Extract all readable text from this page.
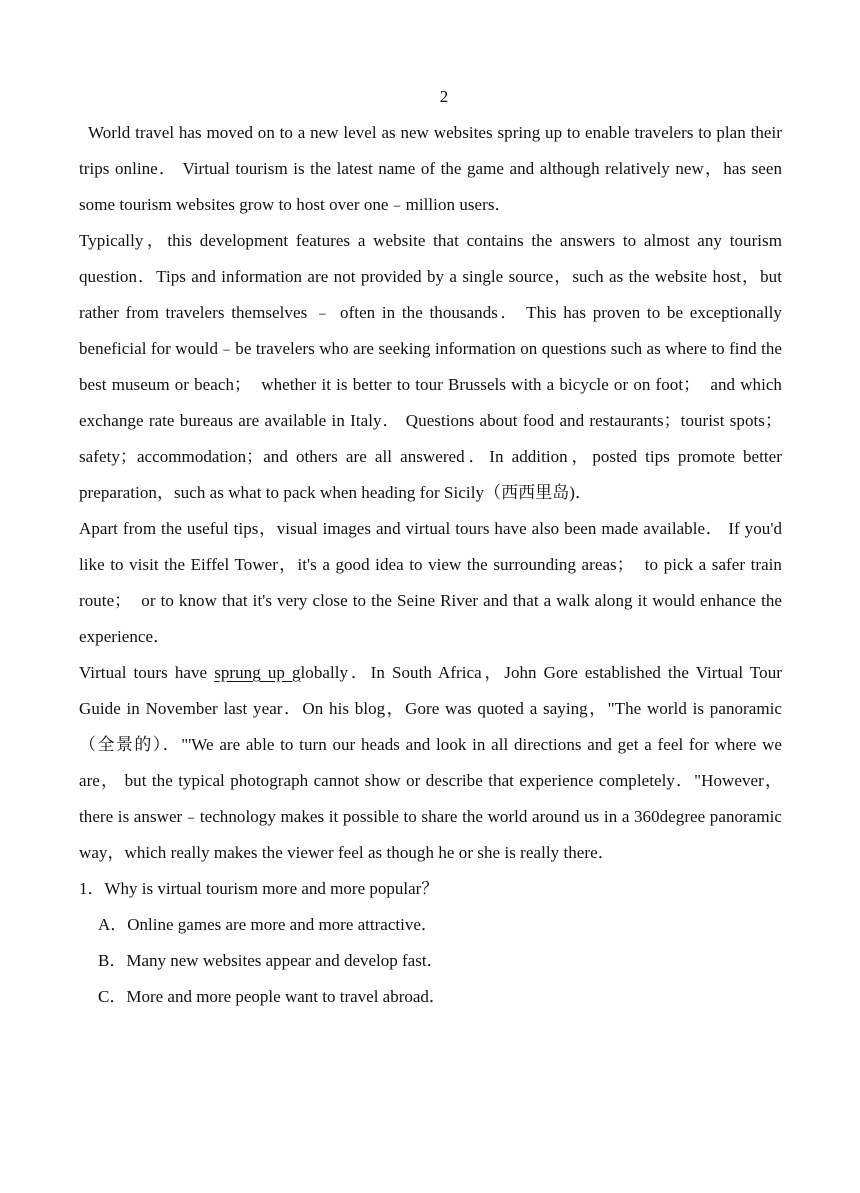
2

World travel has moved on to a new level as new websites spring up to enable travelers to plan their trips online． Virtual tourism is the latest name of the game and although relatively new，has seen some tourism websites grow to host over one﹣million users．

Typically，this development features a website that contains the answers to almost any tourism question．Tips and information are not provided by a single source，such as the website host，but rather from travelers themselves ﹣ often in the thousands． This has proven to be exceptionally beneficial for would﹣be travelers who are seeking information on questions such as where to find the best museum or beach；　whether it is better to tour Brussels with a bicycle or on foot；　and which exchange rate bureaus are available in Italy． Questions about food and restaurants；tourist spots；safety；accommodation；and others are all answered．In addition，posted tips promote better preparation，such as what to pack when heading for Sicily（西西里岛)．

Apart from the useful tips，visual images and virtual tours have also been made available． If you'd like to visit the Eiffel Tower，it's a good idea to view the surrounding areas；　to pick a safer train route；　or to know that it's very close to the Seine River and that a walk along it would enhance the experience．

Virtual tours have sprung up globally．In South Africa，John Gore established the Virtual Tour Guide in November last year．On his blog，Gore was quoted a saying，"The world is panoramic（全景的）．"'We are able to turn our heads and look in all directions and get a feel for where we are， but the typical photograph cannot show or describe that experience completely．"However，there is answer﹣technology makes it possible to share the world around us in a 360degree panoramic way，which really makes the viewer feel as though he or she is really there．

1．Why is virtual tourism more and more popular？

A．Online games are more and more attractive．

B．Many new websites appear and develop fast．

C．More and more people want to travel abroad．
